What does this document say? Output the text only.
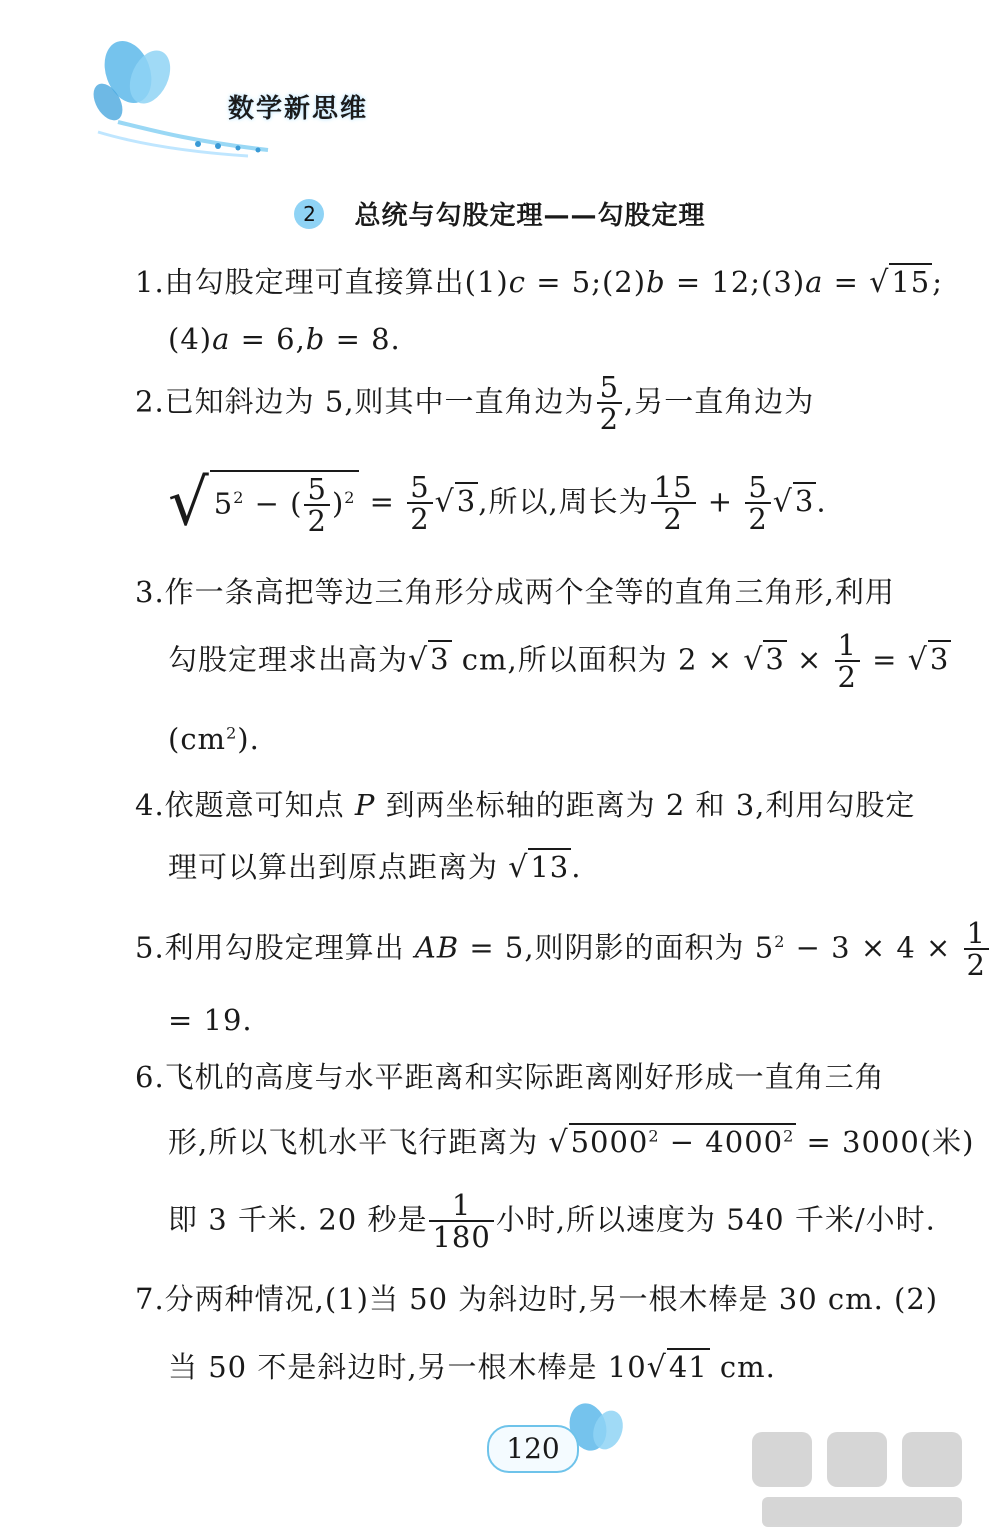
数学新思维
2 总统与勾股定理——勾股定理
1.由勾股定理可直接算出(1)c = 5;(2)b = 12;(3)a = √15;
(4)a = 6,b = 8.
2.已知斜边为 5,则其中一直角边为 $\frac{5}{2}$ ,另一直角边为
√ $5^2$ − ( $\frac{5}{2} )^2 = \frac{5}{2} √3$,所以,周长为 $\frac{15}{2} + \frac{5}{2} √3$.
3.作一条高把等边三角形分成两个全等的直角三角形,利用
勾股定理求出高为√3 cm,所以面积为 $2 \times √3 \times \frac{1}{2} = √3$
$(cm^2)$.
4.依题意可知点 P 到两坐标轴的距离为 2 和 3,利用勾股定
理可以算出到原点距离为 √13.
5.利用勾股定理算出 AB = 5,则阴影的面积为 $5^2 - 3 \times 4 \times \frac{1}{2}$
= 19.
6.飞机的高度与水平距离和实际距离刚好形成一直角三角
形,所以飞机水平飞行距离为 $√5000^2 - 4000^2 = 3000$(米)
即 3 千米. 20 秒是 $\frac{1}{180}$ 小时,所以速度为 540 千米/小时.
7.分两种情况,(1)当 50 为斜边时,另一根木棒是 30 cm. (2)
当 50 不是斜边时,另一根木棒是 10√41 cm.
120
